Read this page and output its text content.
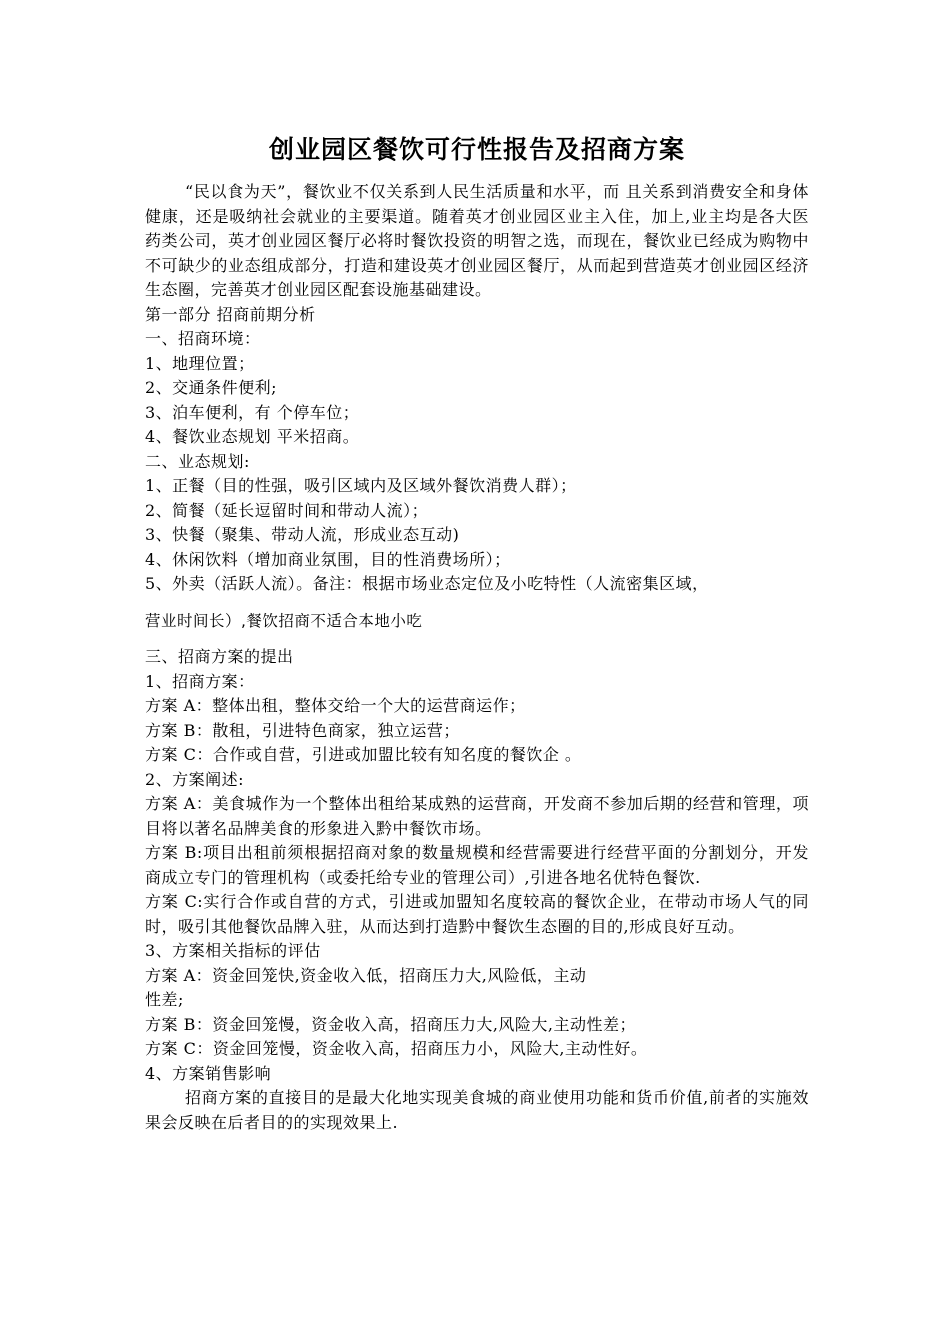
创业园区餐饮可行性报告及招商方案

“民以食为天”，餐饮业不仅关系到人民生活质量和水平，而 且关系到消费安全和身体健康，还是吸纳社会就业的主要渠道。随着英才创业园区业主入住，加上,业主均是各大医药类公司，英才创业园区餐厅必将时餐饮投资的明智之选，而现在，餐饮业已经成为购物中不可缺少的业态组成部分，打造和建设英才创业园区餐厅，从而起到营造英才创业园区经济生态圈，完善英才创业园区配套设施基础建设。

第一部分 招商前期分析

一、招商环境：

1、地理位置；

2、交通条件便利;

3、泊车便利，有 个停车位；

4、餐饮业态规划 平米招商。

二、业态规划:

1、正餐（目的性强，吸引区域内及区域外餐饮消费人群）；

2、简餐（延长逗留时间和带动人流）；

3、快餐（聚集、带动人流，形成业态互动)

4、休闲饮料（增加商业氛围，目的性消费场所）；

5、外卖（活跃人流）。备注：根据市场业态定位及小吃特性（人流密集区域，

营业时间长）,餐饮招商不适合本地小吃

三、招商方案的提出

1、招商方案：

方案 A：整体出租，整体交给一个大的运营商运作；

方案 B：散租，引进特色商家，独立运营；

方案 C：合作或自营，引进或加盟比较有知名度的餐饮企 。

2、方案阐述:

方案 A：美食城作为一个整体出租给某成熟的运营商，开发商不参加后期的经营和管理，项目将以著名品牌美食的形象进入黔中餐饮市场。

方案 B:项目出租前须根据招商对象的数量规模和经营需要进行经营平面的分割划分，开发商成立专门的管理机构（或委托给专业的管理公司）,引进各地名优特色餐饮.

方案 C:实行合作或自营的方式，引进或加盟知名度较高的餐饮企业，在带动市场人气的同时，吸引其他餐饮品牌入驻，从而达到打造黔中餐饮生态圈的目的,形成良好互动。

3、方案相关指标的评估

方案 A：资金回笼快,资金收入低，招商压力大,风险低，主动

性差;

方案 B：资金回笼慢，资金收入高，招商压力大,风险大,主动性差；

方案 C：资金回笼慢，资金收入高，招商压力小，风险大,主动性好。

4、方案销售影响

招商方案的直接目的是最大化地实现美食城的商业使用功能和货币价值,前者的实施效果会反映在后者目的的实现效果上.
